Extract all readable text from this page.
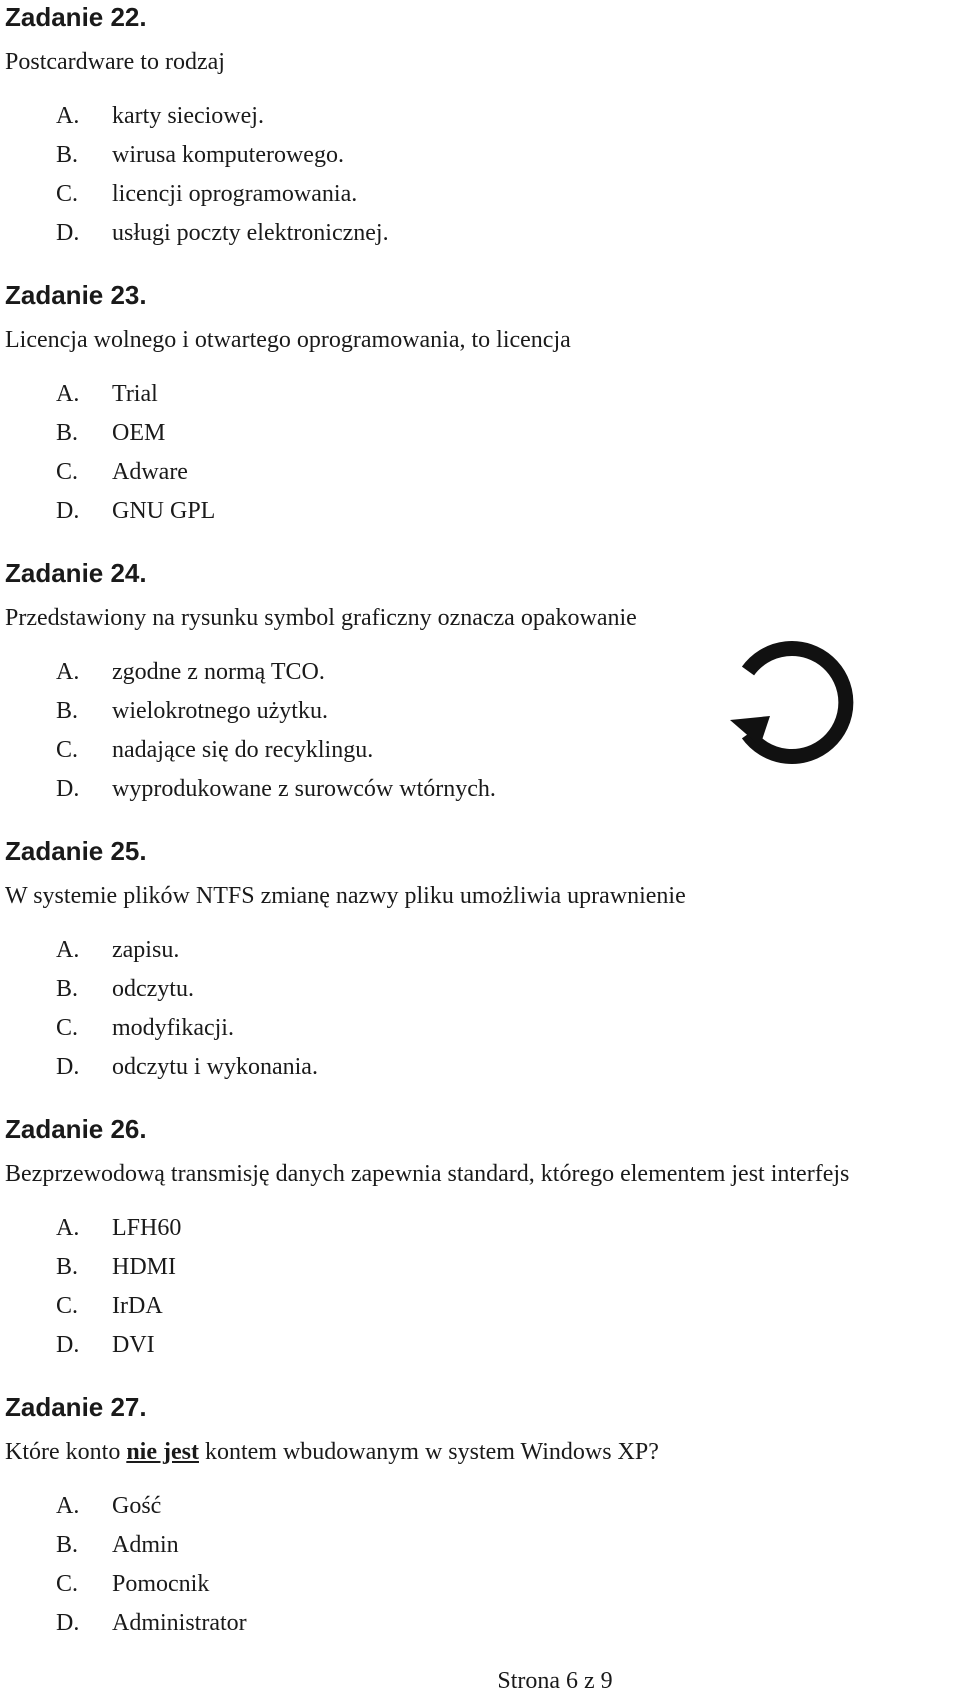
Zadanie 22.

Postcardware to rodzaj

A. karty sieciowej.

B. wirusa komputerowego.

C. licencji oprogramowania.

D. usługi poczty elektronicznej.

Zadanie 23.

Licencja wolnego i otwartego oprogramowania, to licencja

A. Trial

B. OEM

C. Adware

D. GNU GPL

Zadanie 24.

Przedstawiony na rysunku symbol graficzny oznacza opakowanie

A. zgodne z normą TCO.

B. wielokrotnego użytku.

C. nadające się do recyklingu.

D. wyprodukowane z surowców wtórnych.

Zadanie 25.

W systemie plików NTFS zmianę nazwy pliku umożliwia uprawnienie

A. zapisu.

B. odczytu.

C. modyfikacji.

D. odczytu i wykonania.

Zadanie 26.

Bezprzewodową transmisję danych zapewnia standard, którego elementem jest interfejs

A. LFH60

B. HDMI

C. IrDA

D. DVI

Zadanie 27.

Które konto nie jest kontem wbudowanym w system Windows XP?

A. Gość

B. Admin

C. Pomocnik

D. Administrator

Strona 6 z 9
